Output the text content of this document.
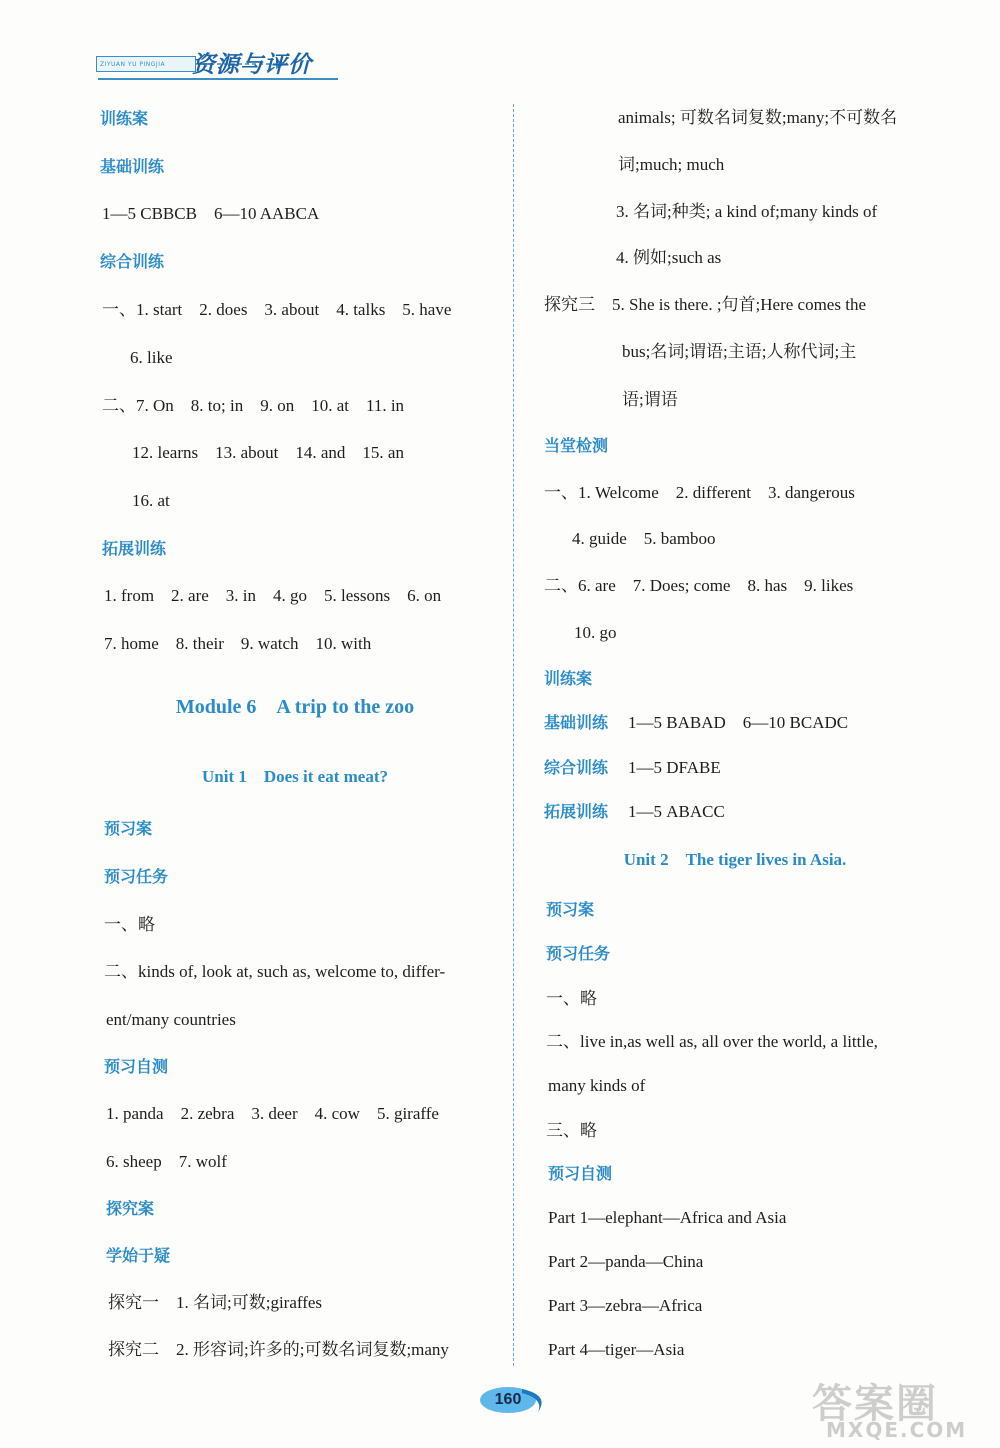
ZIYUAN YU PINGJIA	资源与评价
训练案
基础训练
1—5 CBBCB　6—10 AABCA
综合训练
一、1. start　2. does　3. about　4. talks　5. have
6. like
二、7. On　8. to; in　9. on　10. at　11. in
12. learns　13. about　14. and　15. an
16. at
拓展训练
1. from　2. are　3. in　4. go　5. lessons　6. on
7. home　8. their　9. watch　10. with
Module 6　A trip to the zoo
Unit 1　Does it eat meat?
预习案
预习任务
一、略
二、kinds of, look at, such as, welcome to, differ-
ent/many countries
预习自测
1. panda　2. zebra　3. deer　4. cow　5. giraffe
6. sheep　7. wolf
探究案
学始于疑
探究一　1. 名词;可数;giraffes
探究二　2. 形容词;许多的;可数名词复数;many
animals; 可数名词复数;many;不可数名
词;much; much
3. 名词;种类; a kind of;many kinds of
4. 例如;such as
探究三　5. She is there. ;句首;Here comes the
bus;名词;谓语;主语;人称代词;主
语;谓语
当堂检测
一、1. Welcome　2. different　3. dangerous
4. guide　5. bamboo
二、6. are　7. Does; come　8. has　9. likes
10. go
训练案
基础训练 1—5 BABAD　6—10 BCADC
综合训练 1—5 DFABE
拓展训练 1—5 ABACC
Unit 2　The tiger lives in Asia.
预习案
预习任务
一、略
二、live in,as well as, all over the world, a little,
many kinds of
三、略
预习自测
Part 1—elephant—Africa and Asia
Part 2—panda—China
Part 3—zebra—Africa
Part 4—tiger—Asia
160	答案圈
MXQE.COM
